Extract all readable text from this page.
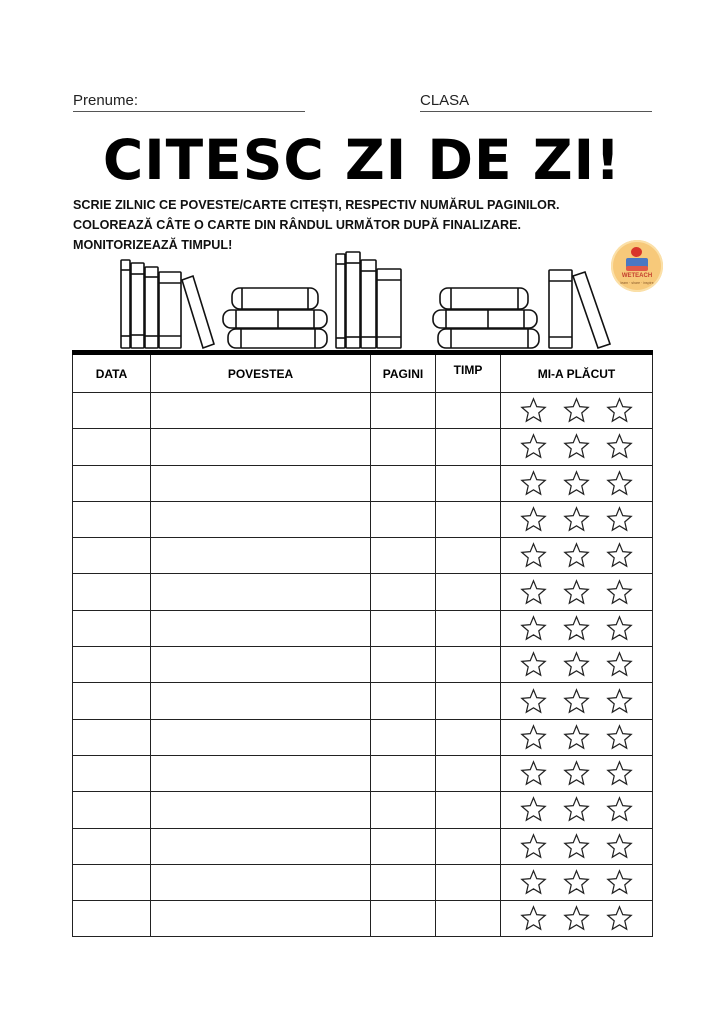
Prenume:	CLASA
CITESC ZI DE ZI!
SCRIE ZILNIC CE POVESTE/CARTE CITEȘTI, RESPECTIV NUMĂRUL PAGINILOR.
COLOREAZĂ CÂTE O CARTE DIN RÂNDUL URMĂTOR DUPĂ FINALIZARE.
MONITORIZEAZĂ TIMPUL!
WETEACH
learn · share · inspire
DATA	POVESTEA	PAGINI	TIMP	MI-A PLĂCUT
